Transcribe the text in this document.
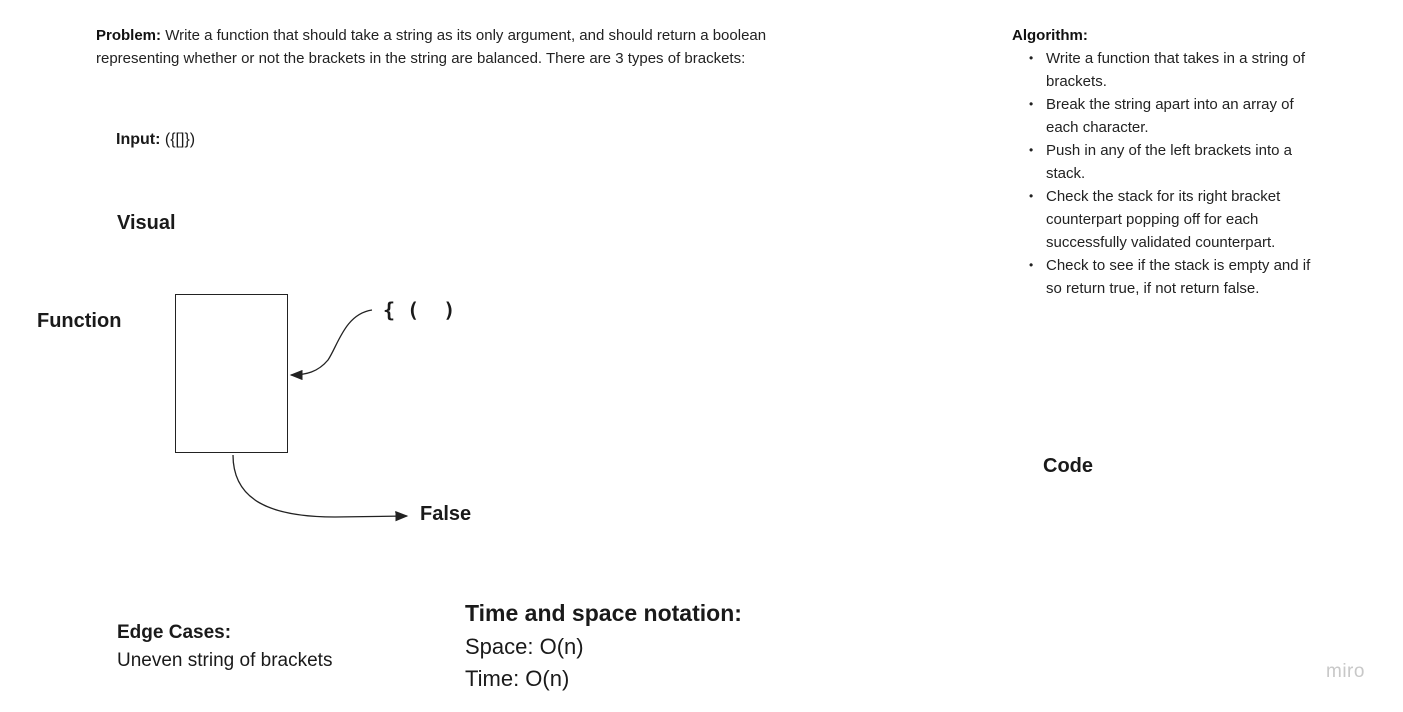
Problem: Write a function that should take a string as its only argument, and should return a boolean representing whether or not the brackets in the string are balanced. There are 3 types of brackets:
Input: ({[]})
Visual
Function	{ (  )
False
Edge Cases:
Uneven string of brackets
Time and space notation:
Space: O(n)
Time: O(n)
Algorithm:
• Write a function that takes in a string of brackets.
• Break the string apart into an array of each character.
• Push in any of the left brackets into a stack.
• Check the stack for its right bracket counterpart popping off for each successfully validated counterpart.
• Check to see if the stack is empty and if so return true, if not return false.
Code
miro
